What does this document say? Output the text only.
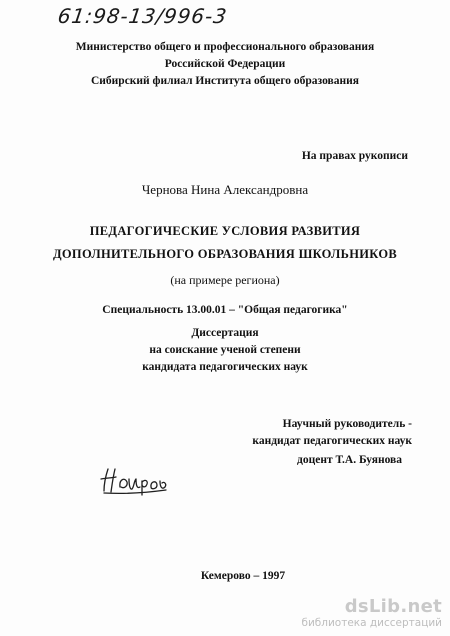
61:98-13/996-3
Министерство общего и профессионального образования
Российской Федерации
Сибирский филиал Института общего образования
На правах рукописи
Чернова Нина Александровна
ПЕДАГОГИЧЕСКИЕ УСЛОВИЯ РАЗВИТИЯ
ДОПОЛНИТЕЛЬНОГО ОБРАЗОВАНИЯ ШКОЛЬНИКОВ
(на примере региона)
Специальность 13.00.01 – "Общая педагогика"
Диссертация
на соискание ученой степени
кандидата педагогических наук
Научный руководитель -
кандидат педагогических наук
доцент Т.А. Буянова
Кемерово – 1997
dsLib.net
библиотека диссертаций
